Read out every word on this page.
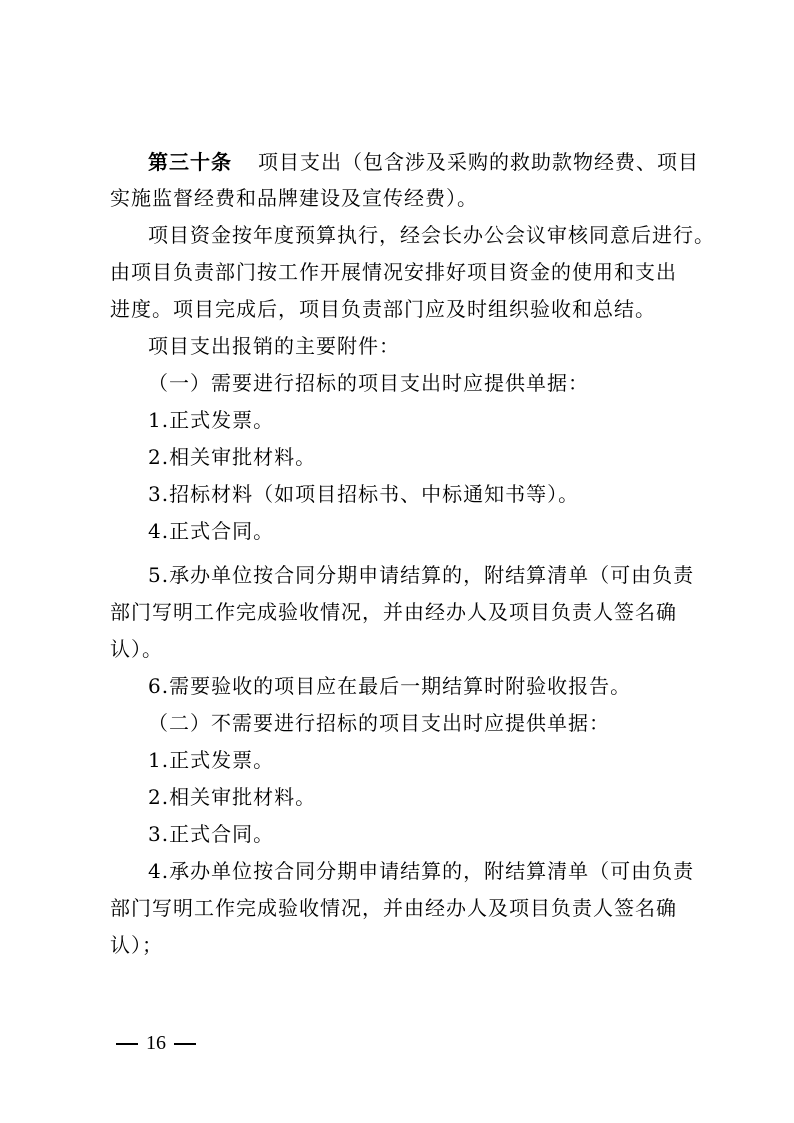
第三十条 项目支出（包含涉及采购的救助款物经费、项目
实施监督经费和品牌建设及宣传经费）。
项目资金按年度预算执行，经会长办公会议审核同意后进行。
由项目负责部门按工作开展情况安排好项目资金的使用和支出
进度。项目完成后，项目负责部门应及时组织验收和总结。
项目支出报销的主要附件：
（一）需要进行招标的项目支出时应提供单据：
1.正式发票。
2.相关审批材料。
3.招标材料（如项目招标书、中标通知书等）。
4.正式合同。
5.承办单位按合同分期申请结算的，附结算清单（可由负责
部门写明工作完成验收情况，并由经办人及项目负责人签名确
认）。
6.需要验收的项目应在最后一期结算时附验收报告。
（二）不需要进行招标的项目支出时应提供单据：
1.正式发票。
2.相关审批材料。
3.正式合同。
4.承办单位按合同分期申请结算的，附结算清单（可由负责
部门写明工作完成验收情况，并由经办人及项目负责人签名确
认）；
16
